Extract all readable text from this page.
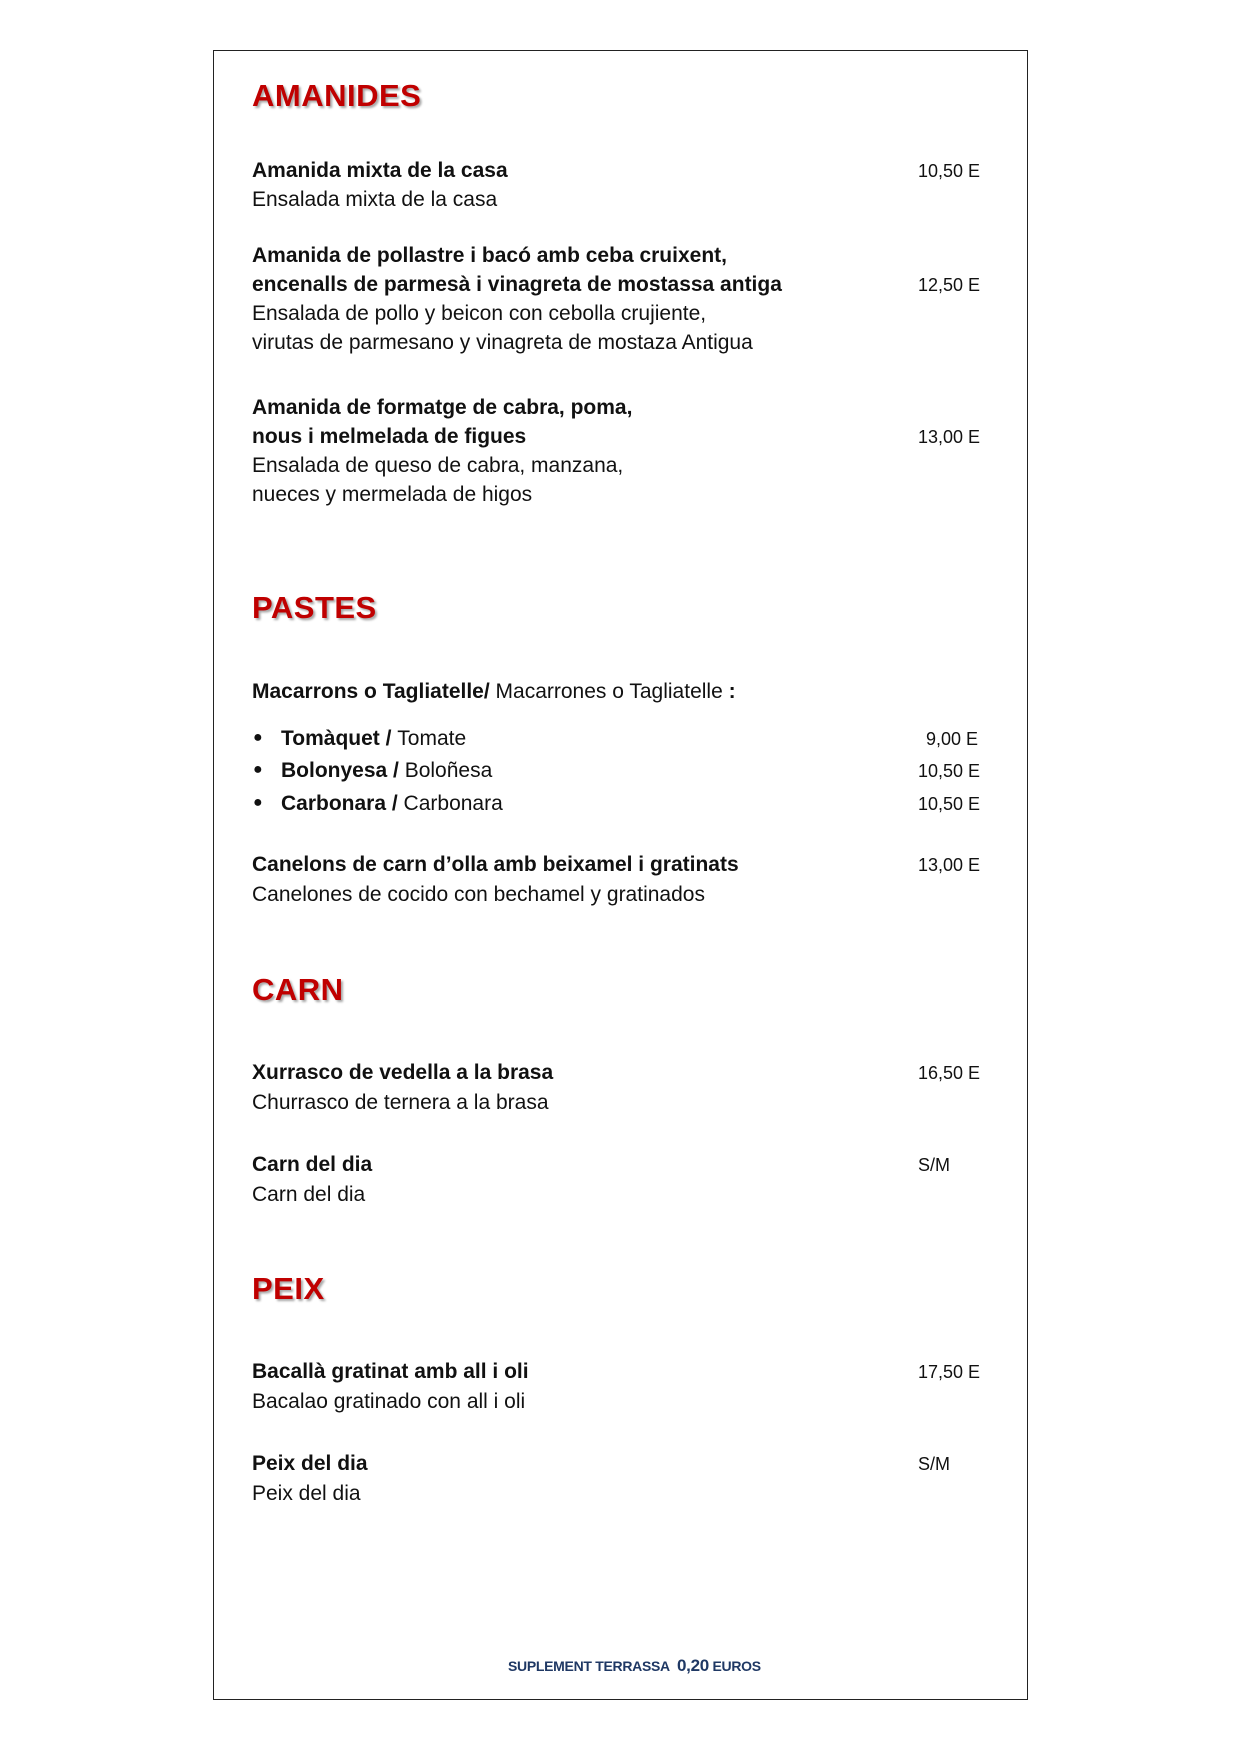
AMANIDES
Amanida mixta de la casa	10,50 E
Ensalada mixta de la casa
Amanida de pollastre i bacó amb ceba cruixent,
encenalls de parmesà i vinagreta de mostassa antiga	12,50 E
Ensalada de pollo y beicon con cebolla crujiente,
virutas de parmesano y vinagreta de mostaza Antigua
Amanida de formatge de cabra, poma,
nous i melmelada de figues	13,00 E
Ensalada de queso de cabra, manzana,
nueces y mermelada de higos
PASTES
Macarrons o Tagliatelle/ Macarrones o Tagliatelle :
● Tomàquet / Tomate	9,00 E
● Bolonyesa / Boloñesa	10,50 E
● Carbonara / Carbonara	10,50 E
Canelons de carn d’olla amb beixamel i gratinats	13,00 E
Canelones de cocido con bechamel y gratinados
CARN
Xurrasco de vedella a la brasa	16,50 E
Churrasco de ternera a la brasa
Carn del dia	S/M
Carn del dia
PEIX
Bacallà gratinat amb all i oli	17,50 E
Bacalao gratinado con all i oli
Peix del dia	S/M
Peix del dia
SUPLEMENT TERRASSA 0,20 EUROS
